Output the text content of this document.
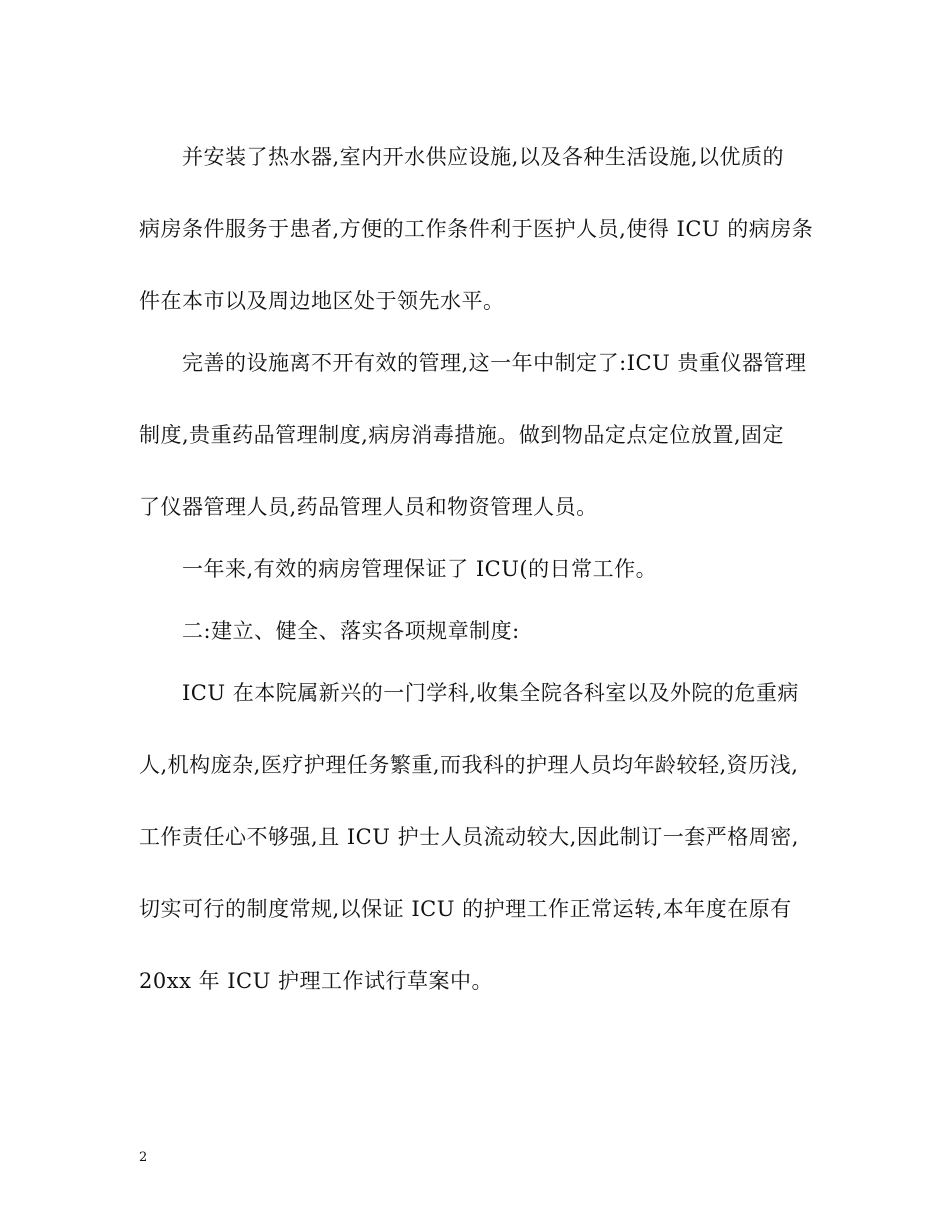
并安装了热水器,室内开水供应设施,以及各种生活设施,以优质的
病房条件服务于患者,方便的工作条件利于医护人员,使得 ICU 的病房条
件在本市以及周边地区处于领先水平。
完善的设施离不开有效的管理,这一年中制定了:ICU 贵重仪器管理
制度,贵重药品管理制度,病房消毒措施。做到物品定点定位放置,固定
了仪器管理人员,药品管理人员和物资管理人员。
一年来,有效的病房管理保证了 ICU(的日常工作。
二:建立、健全、落实各项规章制度:
ICU 在本院属新兴的一门学科,收集全院各科室以及外院的危重病
人,机构庞杂,医疗护理任务繁重,而我科的护理人员均年龄较轻,资历浅,
工作责任心不够强,且 ICU 护士人员流动较大,因此制订一套严格周密,
切实可行的制度常规,以保证 ICU 的护理工作正常运转,本年度在原有
20xx 年 ICU 护理工作试行草案中。
2
